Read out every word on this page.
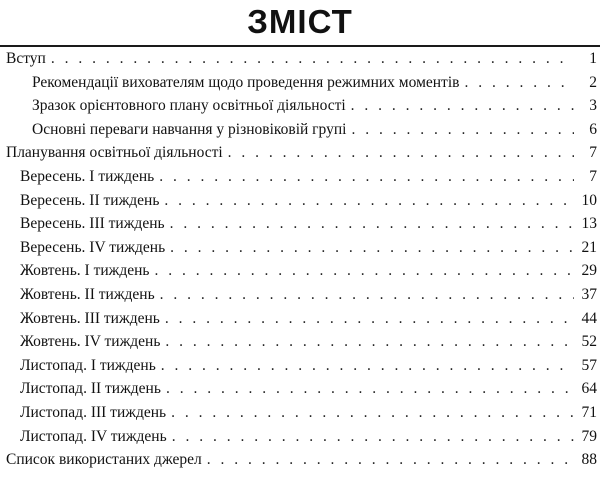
ЗМІСТ
Вступ . . .	1
Рекомендації вихователям щодо проведення режимних моментів . . .	2
Зразок орієнтовного плану освітньої діяльності . . .	3
Основні переваги навчання у різновіковій групі . . .	6
Планування освітньої діяльності . . .	7
Вересень. I тиждень . . .	7
Вересень. II тиждень . . .	10
Вересень. III тиждень . . .	13
Вересень. IV тиждень . . .	21
Жовтень. I тиждень . . .	29
Жовтень. II тиждень . . .	37
Жовтень. III тиждень . . .	44
Жовтень. IV тиждень . . .	52
Листопад. I тиждень . . .	57
Листопад. II тиждень . . .	64
Листопад. III тиждень . . .	71
Листопад. IV тиждень . . .	79
Список використаних джерел . . .	88
